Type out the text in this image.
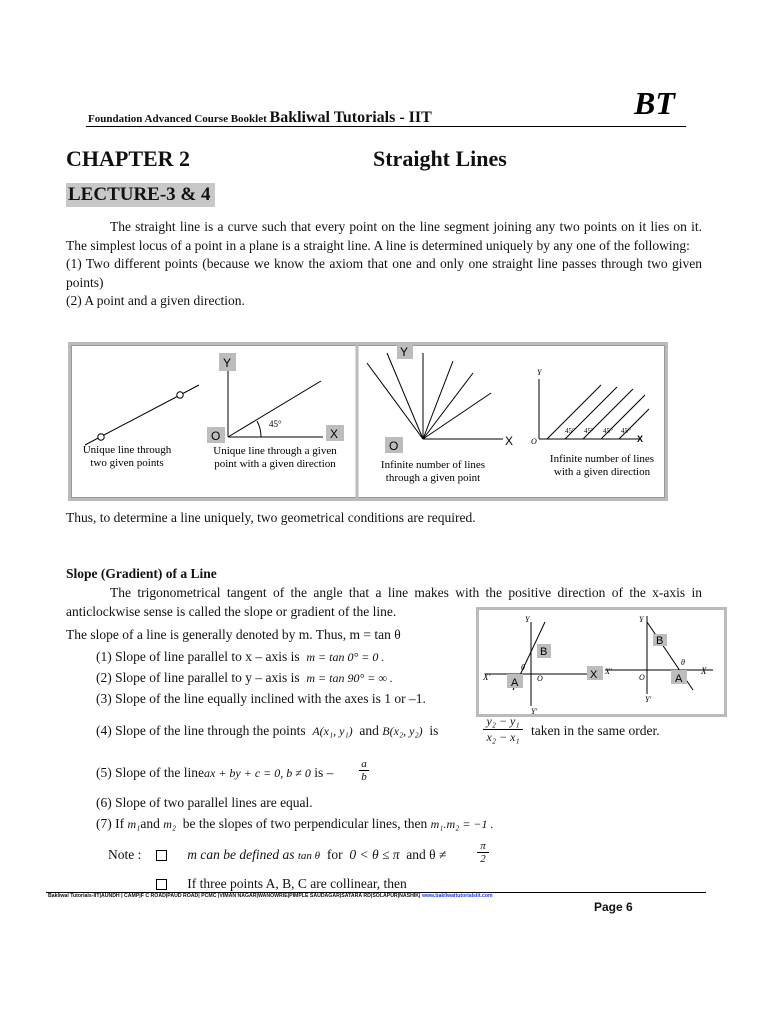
Foundation Advanced Course Booklet Bakliwal Tutorials - IIT	BT
CHAPTER 2	Straight Lines
LECTURE-3 & 4
The straight line is a curve such that every point on the line segment joining any two points on it lies on it. The simplest locus of a point in a plane is a straight line. A line is determined uniquely by any one of the following:
(1) Two different points (because we know the axiom that one and only one straight line passes through two given points)
(2) A point and a given direction.
Unique line through
two given points
Y
X
O
45°
Unique line through a given
point with a given direction
Y
O	X
Infinite number of lines
through a given point
Y
O	X
45° 45° 45° 45°
Infinite number of lines
with a given direction
Thus, to determine a line uniquely, two geometrical conditions are required.
Slope (Gradient) of a Line
The trigonometrical tangent of the angle that a line makes with the positive direction of the x-axis in anticlockwise sense is called the slope or gradient of the line.
The slope of a line is generally denoted by m. Thus, m = tan θ
(1) Slope of line parallel to x – axis is m = tan 0° = 0 .
(2) Slope of line parallel to y – axis is m = tan 90° = ∞ .
(3) Slope of the line equally inclined with the axes is 1 or –1.
(4) Slope of the line through the points A(x₁, y₁) and B(x₂, y₂) is
y₂ − y₁
x₂ − x₁ taken in the same order.
(5) Slope of the lineax + by + c = 0, b ≠ 0 is –
a
b
(6) Slope of two parallel lines are equal.
(7) If m₁and m₂ be the slopes of two perpendicular lines, then m₁.m₂ = −1 .
Note :	m can be defined as tan θ for 0 < θ ≤ π and θ ≠
π
2
If three points A, B, C are collinear, then
Y
Y'
X'	O
θ
B
A
X
Y
Y'
X'	X
O
θ
B
A
Bakliwal Tutorials-IIT|AUNDH | CAMP|F C ROAD|PAUD ROAD| PCMC |VIMAN NAGAR|WANOWRIE|PIMPLE SAUDAGAR|SATARA RD|SOLAPUR|NASHIK| www.bakliwaltutorialsiit.com
Page 6
